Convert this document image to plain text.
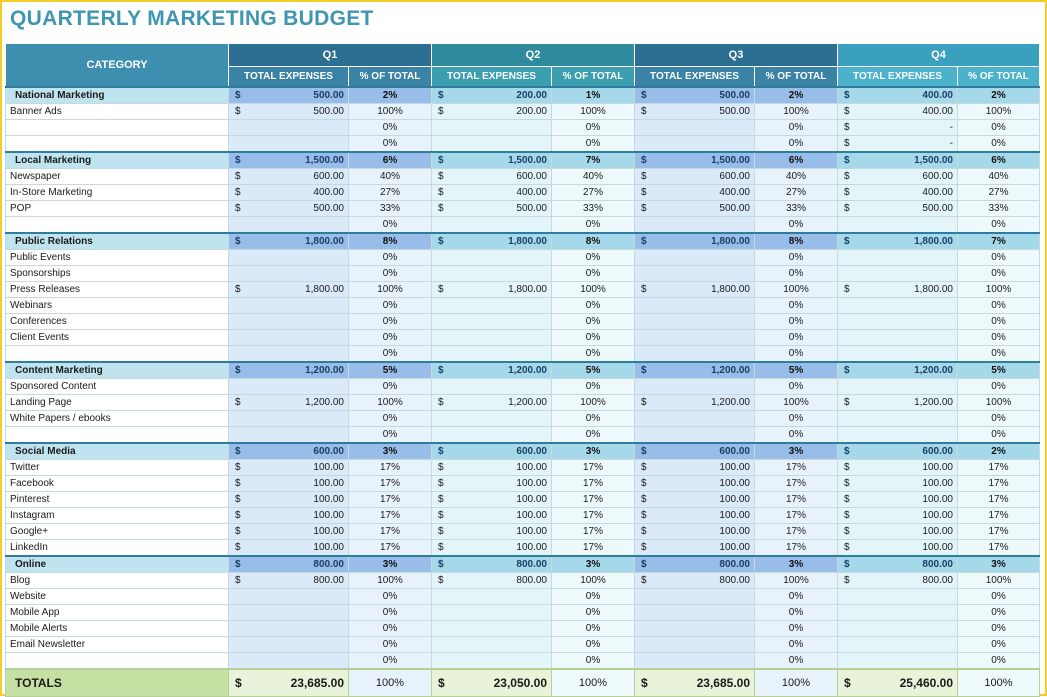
QUARTERLY MARKETING BUDGET
CATEGORY	Q1		Q2		Q3		Q4	
	TOTAL EXPENSES	% OF TOTAL	TOTAL EXPENSES	% OF TOTAL	TOTAL EXPENSES	% OF TOTAL	TOTAL EXPENSES	% OF TOTAL
National Marketing	$ 500.00	2%	$ 200.00	1%	$ 500.00	2%	$ 400.00	2%
Banner Ads	$ 500.00	100%	$ 200.00	100%	$ 500.00	100%	$ 400.00	100%

	0%		0%		0%	$ -	0%

	0%		0%		0%	$ -	0%
Local Marketing	$ 1,500.00	6%	$ 1,500.00	7%	$ 1,500.00	6%	$ 1,500.00	6%
Newspaper	$ 600.00	40%	$ 600.00	40%	$ 600.00	40%	$ 600.00	40%
In-Store Marketing	$ 400.00	27%	$ 400.00	27%	$ 400.00	27%	$ 400.00	27%
POP	$ 500.00	33%	$ 500.00	33%	$ 500.00	33%	$ 500.00	33%

	0%		0%		0%		0%
Public Relations	$ 1,800.00	8%	$ 1,800.00	8%	$ 1,800.00	8%	$ 1,800.00	7%
Public Events		0%		0%		0%		0%
Sponsorships		0%		0%		0%		0%
Press Releases	$ 1,800.00	100%	$ 1,800.00	100%	$ 1,800.00	100%	$ 1,800.00	100%
Webinars		0%		0%		0%		0%
Conferences		0%		0%		0%		0%
Client Events		0%		0%		0%		0%

	0%		0%		0%		0%
Content Marketing	$ 1,200.00	5%	$ 1,200.00	5%	$ 1,200.00	5%	$ 1,200.00	5%
Sponsored Content		0%		0%		0%		0%
Landing Page	$ 1,200.00	100%	$ 1,200.00	100%	$ 1,200.00	100%	$ 1,200.00	100%
White Papers / ebooks		0%		0%		0%		0%

	0%		0%		0%		0%
Social Media	$ 600.00	3%	$ 600.00	3%	$ 600.00	3%	$ 600.00	2%
Twitter	$ 100.00	17%	$ 100.00	17%	$ 100.00	17%	$ 100.00	17%
Facebook	$ 100.00	17%	$ 100.00	17%	$ 100.00	17%	$ 100.00	17%
Pinterest	$ 100.00	17%	$ 100.00	17%	$ 100.00	17%	$ 100.00	17%
Instagram	$ 100.00	17%	$ 100.00	17%	$ 100.00	17%	$ 100.00	17%
Google+	$ 100.00	17%	$ 100.00	17%	$ 100.00	17%	$ 100.00	17%
LinkedIn	$ 100.00	17%	$ 100.00	17%	$ 100.00	17%	$ 100.00	17%
Online	$ 800.00	3%	$ 800.00	3%	$ 800.00	3%	$ 800.00	3%
Blog	$ 800.00	100%	$ 800.00	100%	$ 800.00	100%	$ 800.00	100%
Website		0%		0%		0%		0%
Mobile App		0%		0%		0%		0%
Mobile Alerts		0%		0%		0%		0%
Email Newsletter		0%		0%		0%		0%

	0%		0%		0%		0%
TOTALS	$ 23,685.00	100%	$ 23,050.00	100%	$ 23,685.00	100%	$ 25,460.00	100%
